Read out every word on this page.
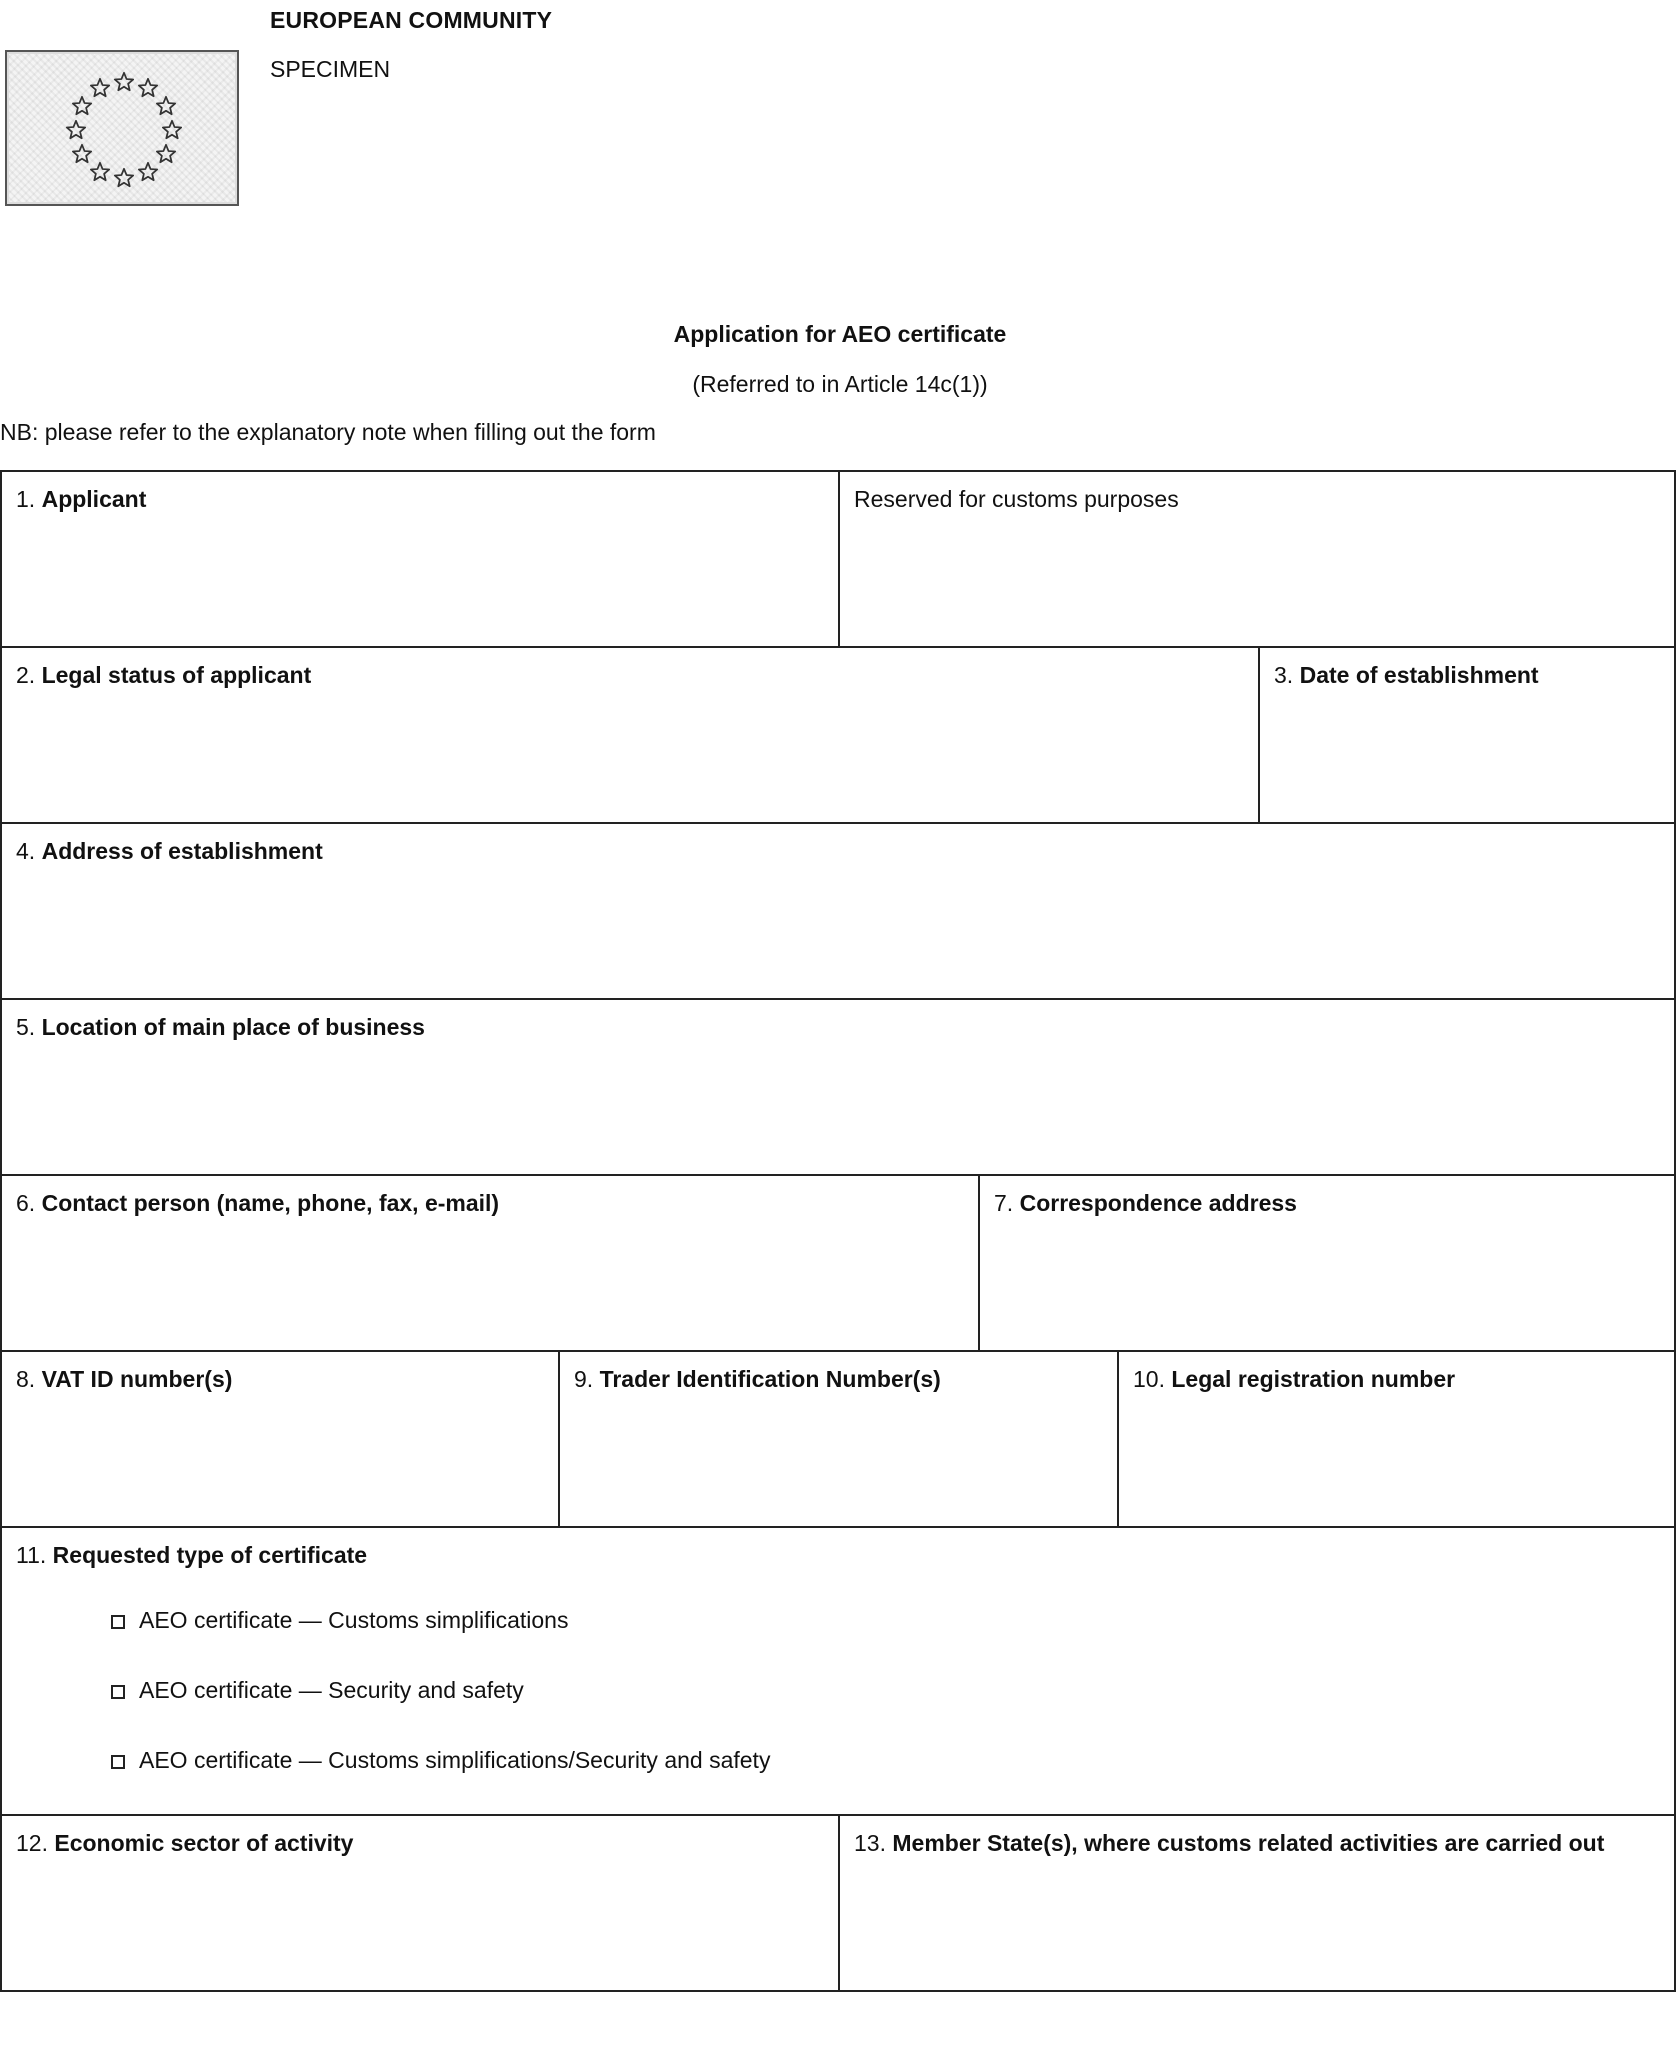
EUROPEAN COMMUNITY
SPECIMEN
Application for AEO certificate
(Referred to in Article 14c(1))
NB: please refer to the explanatory note when filling out the form
1. Applicant	Reserved for customs purposes
2. Legal status of applicant	3. Date of establishment
4. Address of establishment
5. Location of main place of business
6. Contact person (name, phone, fax, e-mail)	7. Correspondence address
8. VAT ID number(s)	9. Trader Identification Number(s)	10. Legal registration number
11. Requested type of certificate
AEO certificate — Customs simplifications
AEO certificate — Security and safety
AEO certificate — Customs simplifications/Security and safety
12. Economic sector of activity	13. Member State(s), where customs related activities are carried out
